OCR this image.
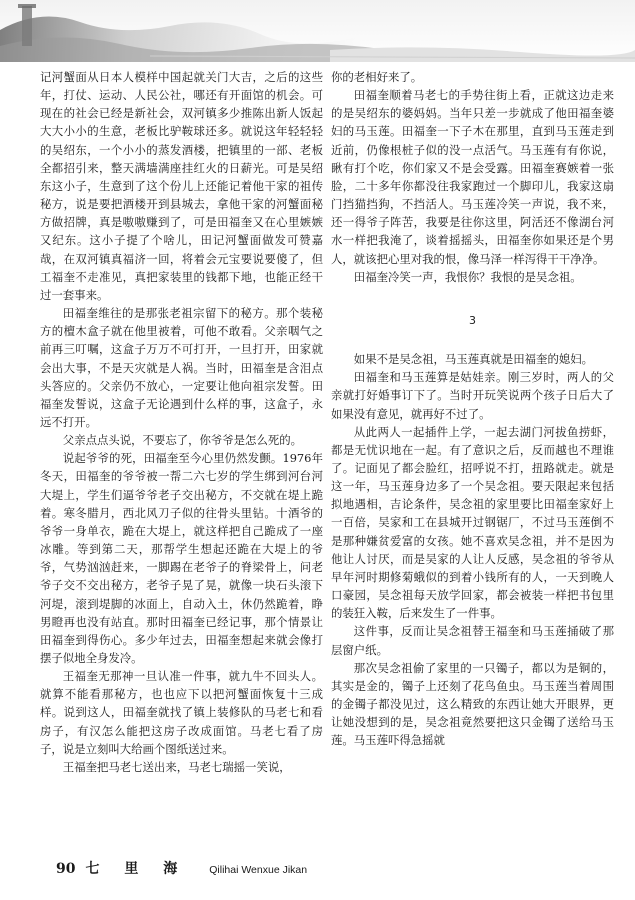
记河蟹面从日本人模样中国起就关门大吉，之后的这些年，打仗、运动、人民公社，哪还有开面馆的机会。可现在的社会已经是新社会，双河镇多少推陈出新人饭起大大小小的生意，老板比驴鞍球还多。就说这年轻轻轻的吴绍东，一个小小的蒸发酒楼，把镇里的一部、老板全都招引来，整天满墙满座挂红火的日薪光。可是吴绍东这小子，生意到了这个份儿上还能记着他干家的祖传秘方，说是要把酒楼开到县城去，拿他干家的河蟹面秘方做招牌，真是嗷嗷赚到了，可是田福奎又在心里嫉嫉又纪东。这小子提了个啥儿，田记河蟹面做发可赞嘉哉，在双河镇真福济一回，将着会元宝要说要傻了，但工福奎不走准见，真把家装里的钱都下地，也能正经干过一套事来。

田福奎维往的是那张老祖宗留下的秘方。那个装秘方的檀木盒子就在他里被着，可他不敢看。父亲咽气之前再三叮嘱，这盒子万万不可打开，一旦打开，田家就会出大事，不是天灾就是人祸。当时，田福奎是含泪点头答应的。父亲仍不放心，一定要让他向祖宗发誓。田福奎发誓说，这盒子无论遇到什么样的事，这盒子，永远不打开。

父亲点点头说，不要忘了，你爷爷是怎么死的。

说起爷爷的死，田福奎至今心里仍然发颤。1976年冬天，田福奎的爷爷被一帮二六七岁的学生绑到河台河大堤上，学生们逼爷爷老子交出秘方，不交就在堤上跪着。寒冬腊月，西北风刀子似的往骨头里钻。十酒爷的爷爷一身单衣，跪在大堤上，就这样把自己跪成了一座冰雕。等到第二天，那帮学生想起还跪在大堤上的爷爷，气势汹汹赶来，一脚踢在老爷子的脊梁骨上，问老爷子交不交出秘方，老爷子晃了晃，就像一块石头滚下河堤，滚到堤脚的冰面上，自动入土，休仍然跪着，睁男瞪再也没有站直。那时田福奎已经记事，那个情景让田福奎到得伤心。多少年过去，田福奎想起来就会像打摆子似地全身发冷。

王福奎无那神一旦认准一件事，就九牛不回头人。就算不能看那秘方，也也应下以把河蟹面恢复十三成样。说到这人，田福奎就找了镇上装修队的马老七和看房子，有汉怎么能把这房子改成面馆。马老七看了房子，说是立刻叫大给画个图纸送过来。

王福奎把马老七送出来，马老七瑞摇一笑说，

你的老相好来了。

田福奎顺着马老七的手势往街上看，正就这边走来的是吴绍东的婆妈妈。当年只差一步就成了他田福奎婆妇的马玉莲。田福奎一下子木在那里，直到马玉莲走到近前，仍像根桩子似的没一点活气。马玉莲有有你说，瞅有打个吃，你们家又不是会受露。田福奎赛嫉着一张脸，二十多年你都没往我家跑过一个脚印儿，我家这扇门挡猫挡狗，不挡活人。马玉莲冷笑一声说，我不来，还一得爷子阵苦，我要是往你这里，阿活还不像湖台河水一样把我淹了，谈着摇摇头，田福奎你如果还是个男人，就该把心里对我的恨，像马泽一样泻得干干净净。

田福奎冷笑一声，我恨你？我恨的是吴念祖。

3

如果不是吴念祖，马玉莲真就是田福奎的媳妇。

田福奎和马玉莲算是姑娃亲。刚三岁时，两人的父亲就打好婚事订下了。当时开玩笑说两个孩子日后大了如果没有意见，就再好不过了。

从此两人一起插件上学，一起去湖门河拔鱼捞虾，都是无忧识地在一起。有了意识之后，反而越也不理谁了。记面见了都会脸红，招呼说不打，扭路就走。就是这一年，马玉莲身边多了一个吴念祖。要天限起来包括拟地遇相，吉论条件，吴念祖的家里要比田福奎家好上一百倍，吴家和工在县城开过钢锯厂，不过马玉莲倒不是那种嫌贫爱富的女孩。她不喜欢吴念祖，并不是因为他让人讨厌，而是吴家的人让人反感，吴念祖的爷爷从早年河时期修菊蛾似的到着小钱所有的人，一天到晚人口豪园，吴念祖每天放学回家，都会被装一样把书包里的装狂入鞍，后来发生了一件事。

这件事，反而让吴念祖替王福奎和马玉莲捅破了那层窗户纸。

那次吴念祖偷了家里的一只镯子，都以为是铜的，其实是金的，镯子上还刻了花鸟鱼虫。马玉莲当着周围的金镯子都没见过，这么精致的东西让她大开眼界，更让她没想到的是，吴念祖竟然要把这只金镯了送给马玉莲。马玉莲吓得急摇就

90 七 里 海 Qilihai Wenxue Jikan
